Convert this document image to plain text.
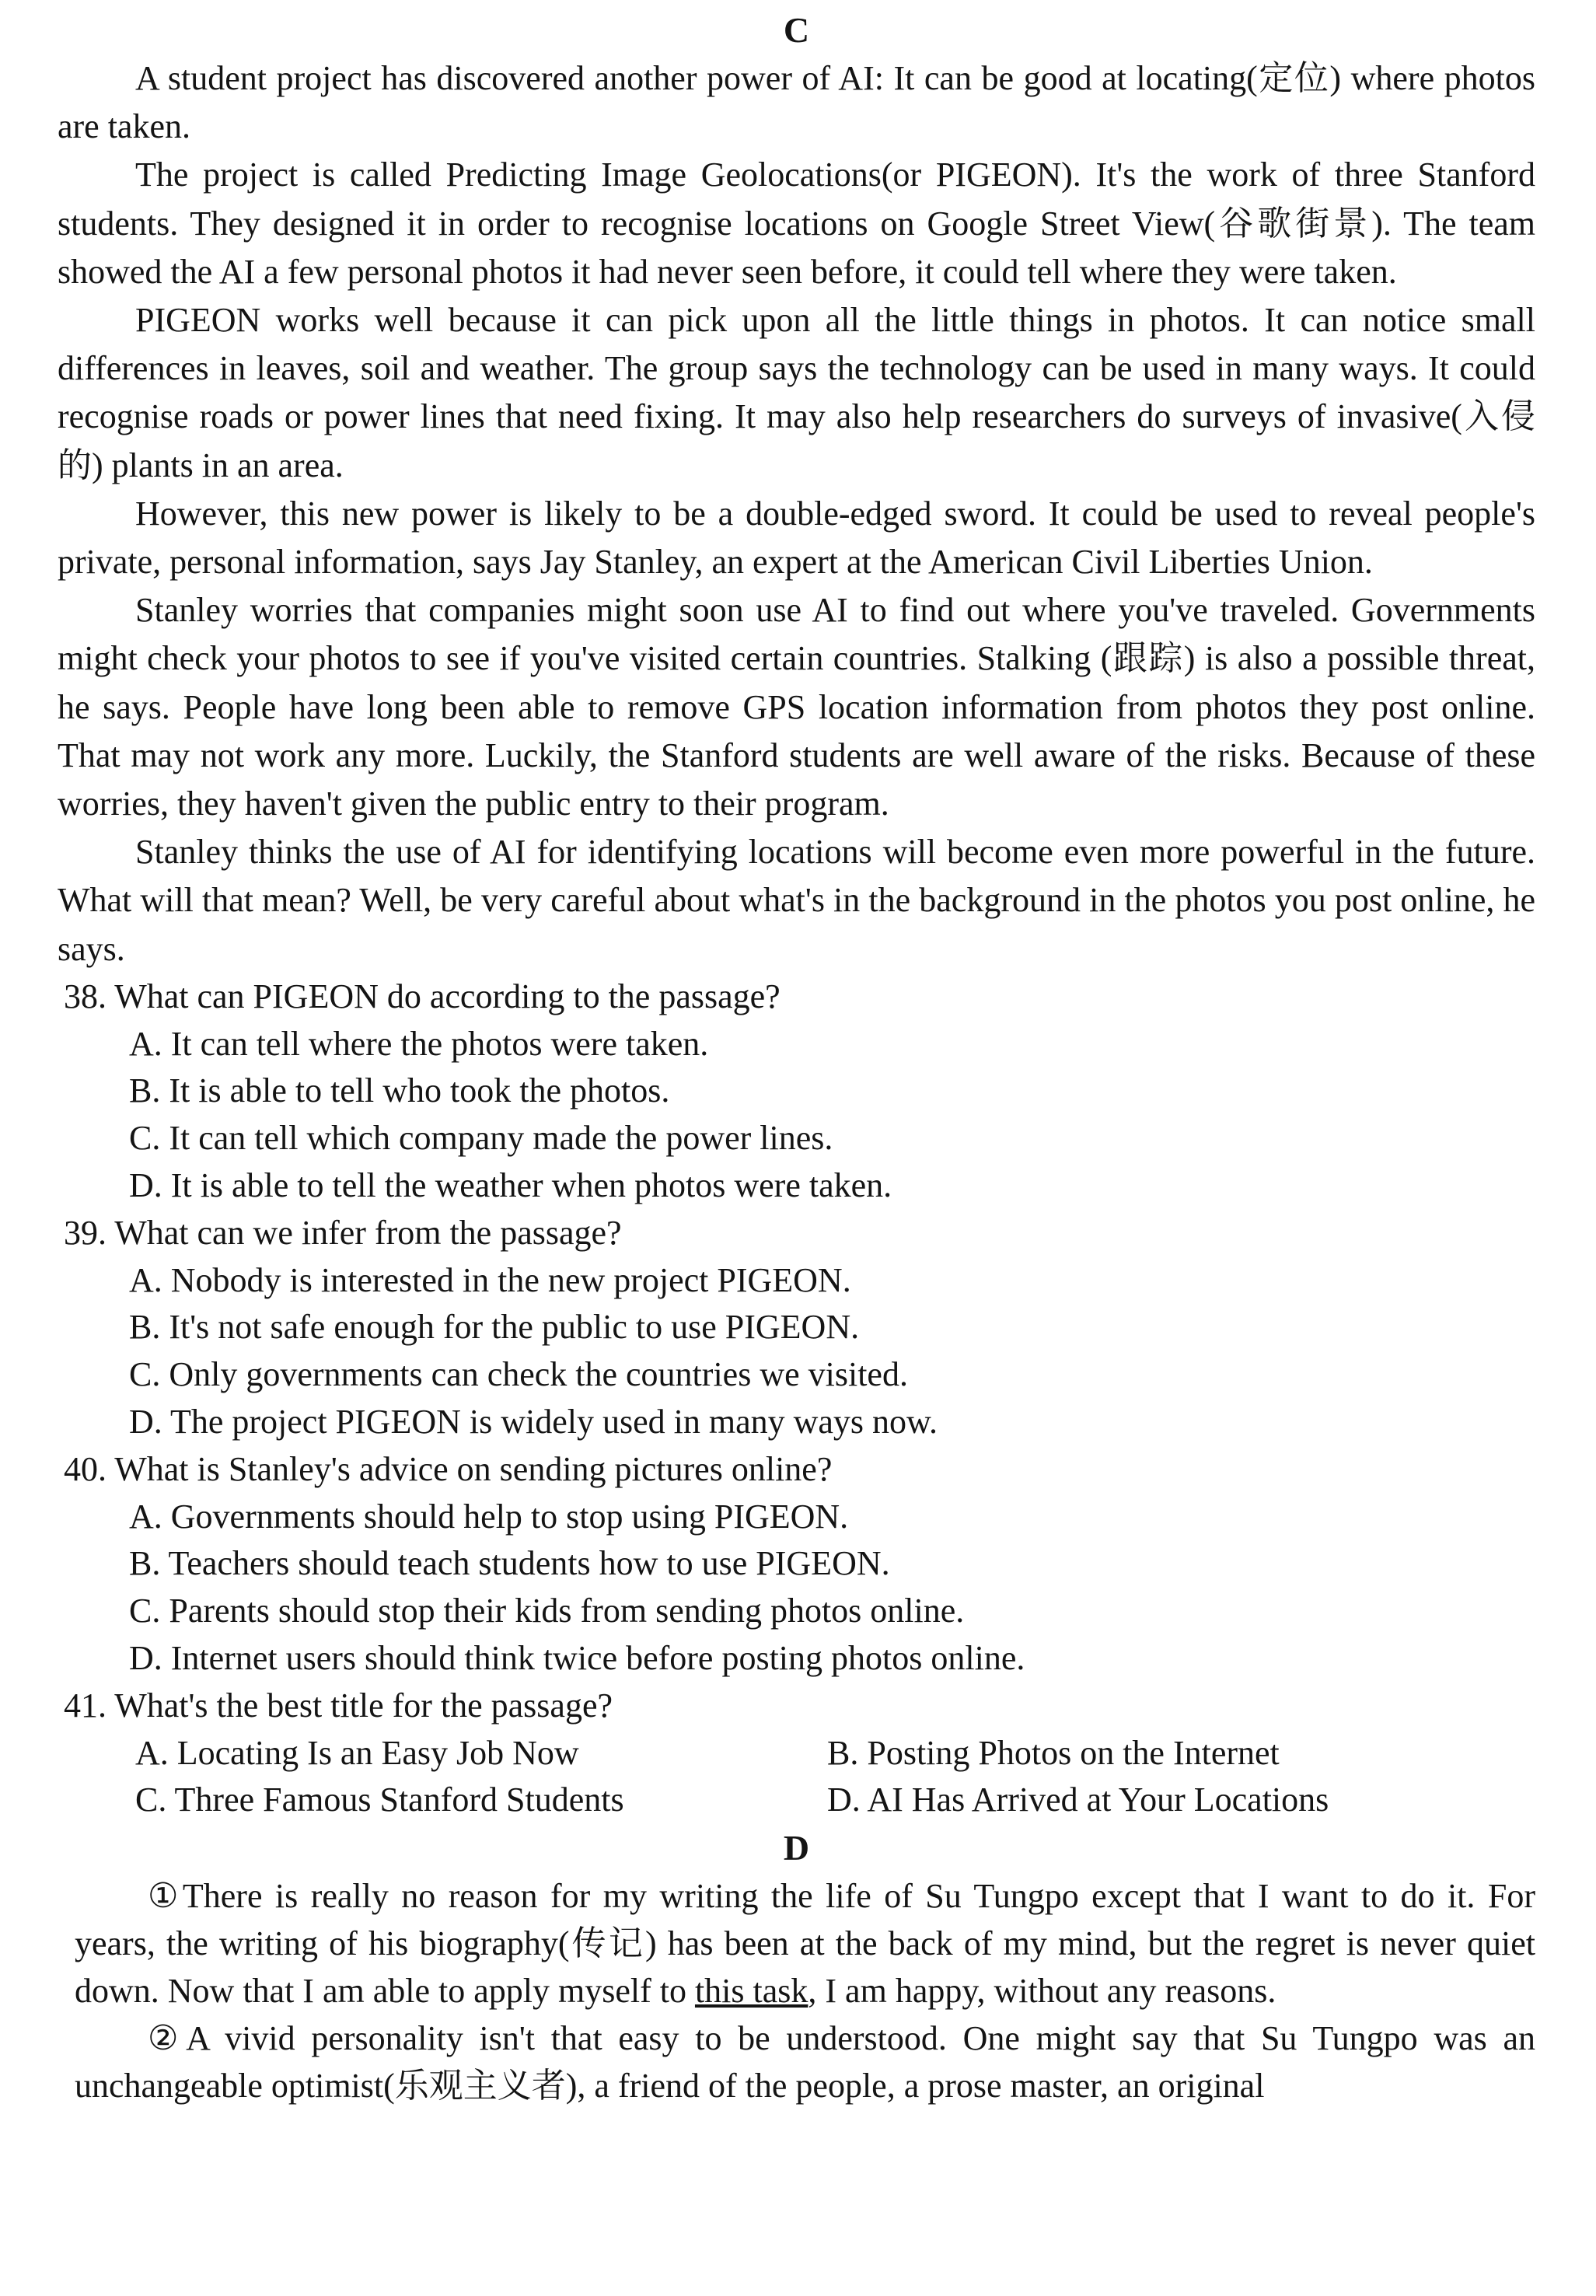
C

A student project has discovered another power of AI: It can be good at locating(定位) where photos are taken.

The project is called Predicting Image Geolocations(or PIGEON). It's the work of three Stanford students. They designed it in order to recognise locations on Google Street View(谷歌街景). The team showed the AI a few personal photos it had never seen before, it could tell where they were taken.

PIGEON works well because it can pick upon all the little things in photos. It can notice small differences in leaves, soil and weather. The group says the technology can be used in many ways. It could recognise roads or power lines that need fixing. It may also help researchers do surveys of invasive(入侵的) plants in an area.

However, this new power is likely to be a double-edged sword. It could be used to reveal people's private, personal information, says Jay Stanley, an expert at the American Civil Liberties Union.

Stanley worries that companies might soon use AI to find out where you've traveled. Governments might check your photos to see if you've visited certain countries. Stalking (跟踪) is also a possible threat, he says. People have long been able to remove GPS location information from photos they post online. That may not work any more. Luckily, the Stanford students are well aware of the risks. Because of these worries, they haven't given the public entry to their program.

Stanley thinks the use of AI for identifying locations will become even more powerful in the future. What will that mean? Well, be very careful about what's in the background in the photos you post online, he says.

38. What can PIGEON do according to the passage?

A. It can tell where the photos were taken.

B. It is able to tell who took the photos.

C. It can tell which company made the power lines.

D. It is able to tell the weather when photos were taken.

39. What can we infer from the passage?

A. Nobody is interested in the new project PIGEON.

B. It's not safe enough for the public to use PIGEON.

C. Only governments can check the countries we visited.

D. The project PIGEON is widely used in many ways now.

40. What is Stanley's advice on sending pictures online?

A. Governments should help to stop using PIGEON.

B. Teachers should teach students how to use PIGEON.

C. Parents should stop their kids from sending photos online.

D. Internet users should think twice before posting photos online.

41. What's the best title for the passage?

A. Locating Is an Easy Job Now	B. Posting Photos on the Internet
C. Three Famous Stanford Students	D. AI Has Arrived at Your Locations

D

①There is really no reason for my writing the life of Su Tungpo except that I want to do it. For years, the writing of his biography(传记) has been at the back of my mind, but the regret is never quiet down. Now that I am able to apply myself to this task, I am happy, without any reasons.

②A vivid personality isn't that easy to be understood. One might say that Su Tungpo was an unchangeable optimist(乐观主义者), a friend of the people, a prose master, an original
